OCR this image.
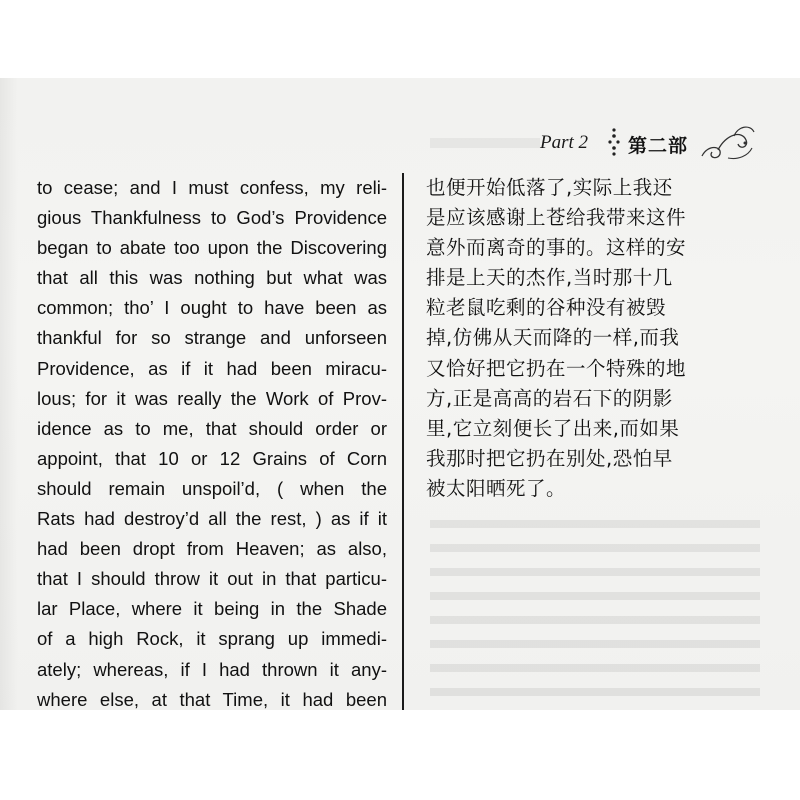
Part 2 第二部
to cease; and I must confess, my reli-
gious Thankfulness to God’s Providence
began to abate too upon the Discovering
that all this was nothing but what was
common; tho’ I ought to have been as
thankful for so strange and unforseen
Providence, as if it had been miracu-
lous; for it was really the Work of Prov-
idence as to me, that should order or
appoint, that 10 or 12 Grains of Corn
should remain unspoil’d, ( when the
Rats had destroy’d all the rest, ) as if it
had been dropt from Heaven; as also,
that I should throw it out in that particu-
lar Place, where it being in the Shade
of a high Rock, it sprang up immedi-
ately; whereas, if I had thrown it any-
where else, at that Time, it had been
也便开始低落了,实际上我还
是应该感谢上苍给我带来这件
意外而离奇的事的。这样的安
排是上天的杰作,当时那十几
粒老鼠吃剩的谷种没有被毁
掉,仿佛从天而降的一样,而我
又恰好把它扔在一个特殊的地
方,正是高高的岩石下的阴影
里,它立刻便长了出来,而如果
我那时把它扔在别处,恐怕早
被太阳晒死了。
